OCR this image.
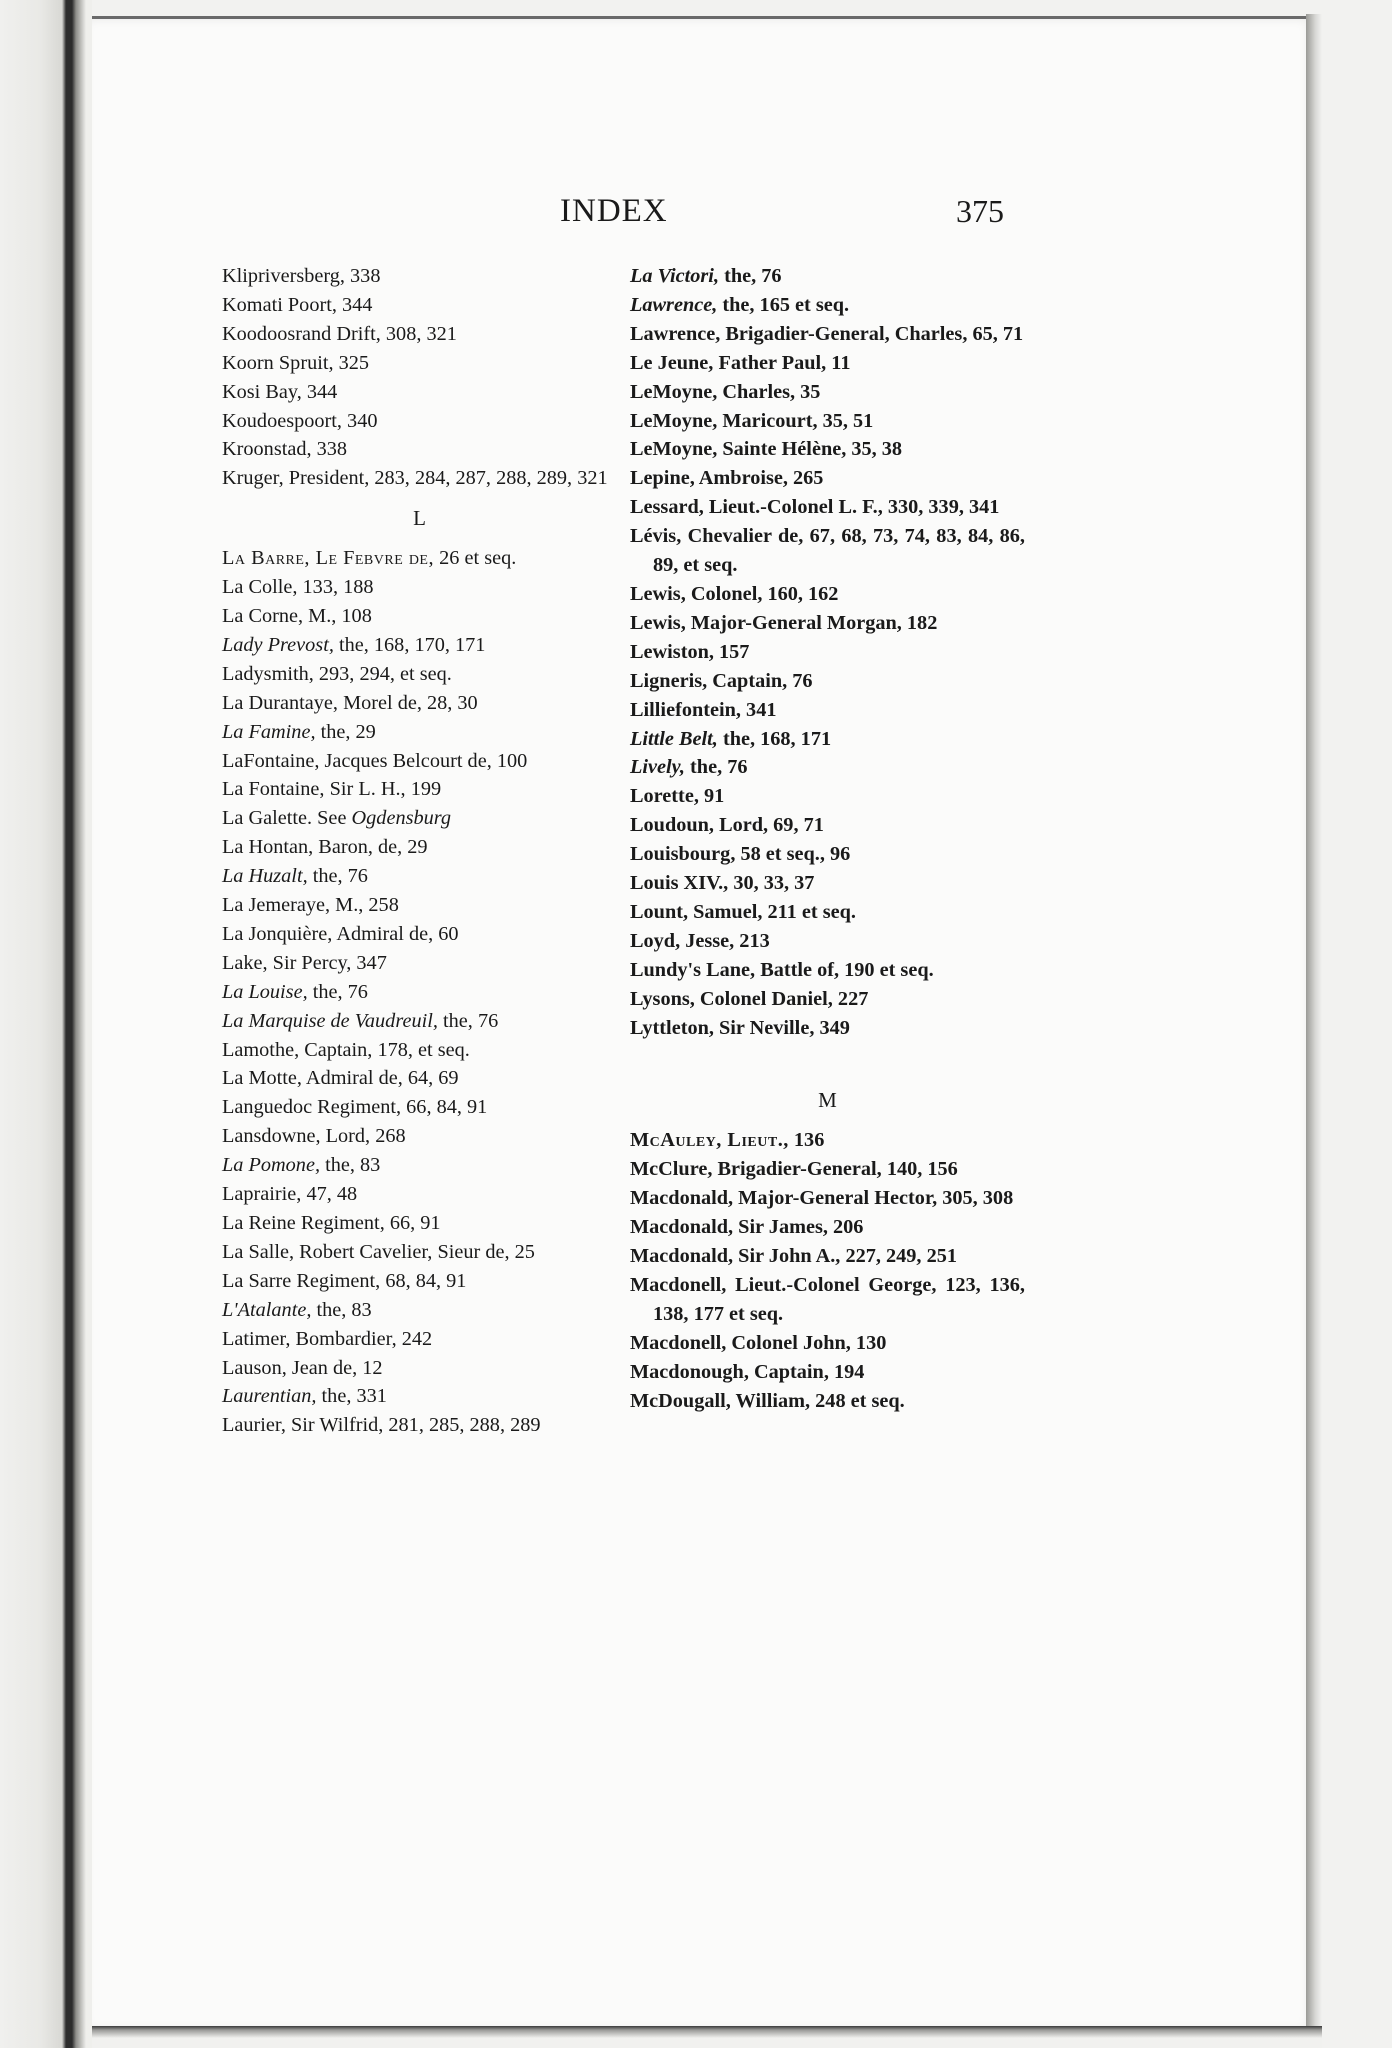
INDEX	375

Klipriversberg, 338

Komati Poort, 344

Koodoosrand Drift, 308, 321

Koorn Spruit, 325

Kosi Bay, 344

Koudoespoort, 340

Kroonstad, 338

Kruger, President, 283, 284, 287, 288, 289, 321

L

La Barre, Le Febvre de, 26 et seq.

La Colle, 133, 188

La Corne, M., 108

Lady Prevost, the, 168, 170, 171

Ladysmith, 293, 294, et seq.

La Durantaye, Morel de, 28, 30

La Famine, the, 29

LaFontaine, Jacques Belcourt de, 100

La Fontaine, Sir L. H., 199

La Galette. See Ogdensburg

La Hontan, Baron, de, 29

La Huzalt, the, 76

La Jemeraye, M., 258

La Jonquière, Admiral de, 60

Lake, Sir Percy, 347

La Louise, the, 76

La Marquise de Vaudreuil, the, 76

Lamothe, Captain, 178, et seq.

La Motte, Admiral de, 64, 69

Languedoc Regiment, 66, 84, 91

Lansdowne, Lord, 268

La Pomone, the, 83

Laprairie, 47, 48

La Reine Regiment, 66, 91

La Salle, Robert Cavelier, Sieur de, 25

La Sarre Regiment, 68, 84, 91

L'Atalante, the, 83

Latimer, Bombardier, 242

Lauson, Jean de, 12

Laurentian, the, 331

Laurier, Sir Wilfrid, 281, 285, 288, 289

La Victori, the, 76

Lawrence, the, 165 et seq.

Lawrence, Brigadier-General, Charles, 65, 71

Le Jeune, Father Paul, 11

LeMoyne, Charles, 35

LeMoyne, Maricourt, 35, 51

LeMoyne, Sainte Hélène, 35, 38

Lepine, Ambroise, 265

Lessard, Lieut.-Colonel L. F., 330, 339, 341

Lévis, Chevalier de, 67, 68, 73, 74, 83, 84, 86, 89, et seq.

Lewis, Colonel, 160, 162

Lewis, Major-General Morgan, 182

Lewiston, 157

Ligneris, Captain, 76

Lilliefontein, 341

Little Belt, the, 168, 171

Lively, the, 76

Lorette, 91

Loudoun, Lord, 69, 71

Louisbourg, 58 et seq., 96

Louis XIV., 30, 33, 37

Lount, Samuel, 211 et seq.

Loyd, Jesse, 213

Lundy's Lane, Battle of, 190 et seq.

Lysons, Colonel Daniel, 227

Lyttleton, Sir Neville, 349

M

McAuley, Lieut., 136

McClure, Brigadier-General, 140, 156

Macdonald, Major-General Hector, 305, 308

Macdonald, Sir James, 206

Macdonald, Sir John A., 227, 249, 251

Macdonell, Lieut.-Colonel George, 123, 136, 138, 177 et seq.

Macdonell, Colonel John, 130

Macdonough, Captain, 194

McDougall, William, 248 et seq.
